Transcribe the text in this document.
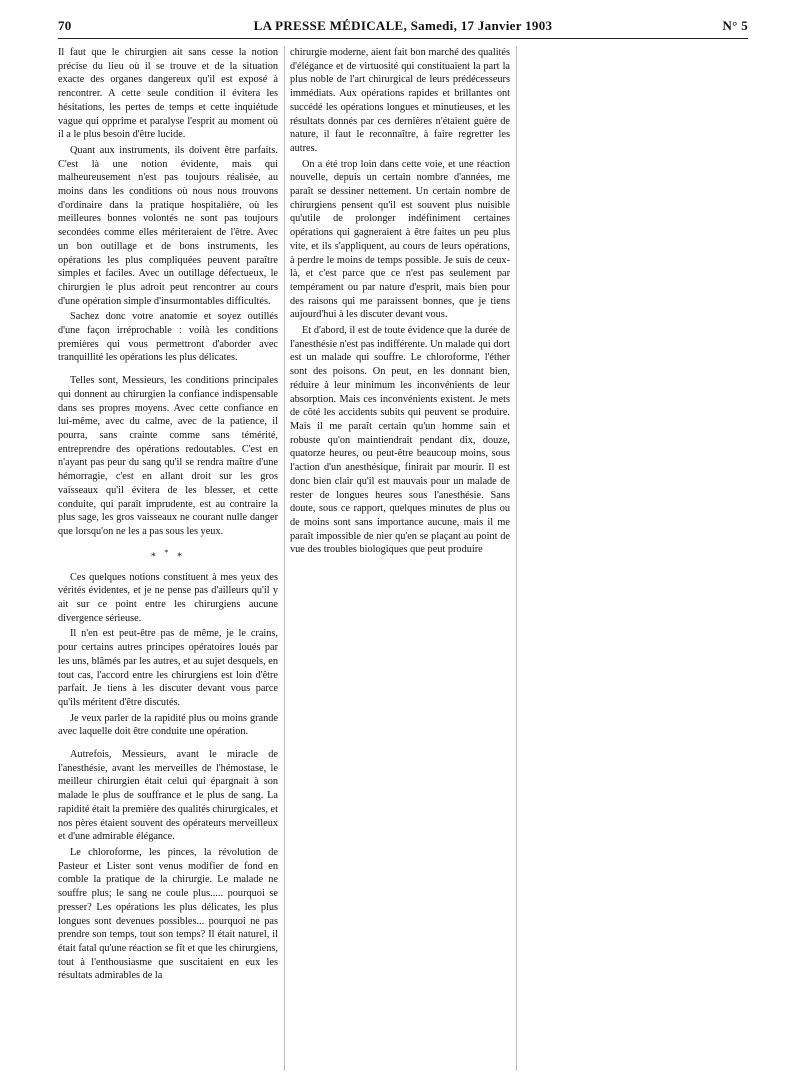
70	LA PRESSE MÉDICALE, Samedi, 17 Janvier 1903	N° 5

Il faut que le chirurgien ait sans cesse la notion précise du lieu où il se trouve et de la situation exacte des organes dangereux qu'il est exposé à rencontrer. A cette seule condition il évitera les hésitations, les pertes de temps et cette inquiétude vague qui opprime et paralyse l'esprit au moment où il a le plus besoin d'être lucide.

Quant aux instruments, ils doivent être parfaits. C'est là une notion évidente, mais qui malheureusement n'est pas toujours réalisée, au moins dans les conditions où nous nous trouvons d'ordinaire dans la pratique hospitalière, où les meilleures bonnes volontés ne sont pas toujours secondées comme elles mériteraient de l'être. Avec un bon outillage et de bons instruments, les opérations les plus compliquées peuvent paraître simples et faciles. Avec un outillage défectueux, le chirurgien le plus adroit peut rencontrer au cours d'une opération simple d'insurmontables difficultés.

Sachez donc votre anatomie et soyez outillés d'une façon irréprochable : voilà les conditions premières qui vous permettront d'aborder avec tranquillité les opérations les plus délicates.

Telles sont, Messieurs, les conditions principales qui donnent au chirurgien la confiance indispensable dans ses propres moyens. Avec cette confiance en lui-même, avec du calme, avec de la patience, il pourra, sans crainte comme sans témérité, entreprendre des opérations redoutables. C'est en n'ayant pas peur du sang qu'il se rendra maître d'une hémorragie, c'est en allant droit sur les gros vaisseaux qu'il évitera de les blesser, et cette conduite, qui paraît imprudente, est au contraire la plus sage, les gros vaisseaux ne courant nulle danger que lorsqu'on ne les a pas sous les yeux.

* * *

Ces quelques notions constituent à mes yeux des vérités évidentes, et je ne pense pas d'ailleurs qu'il y ait sur ce point entre les chirurgiens aucune divergence sérieuse.

Il n'en est peut-être pas de même, je le crains, pour certains autres principes opératoires loués par les uns, blâmés par les autres, et au sujet desquels, en tout cas, l'accord entre les chirurgiens est loin d'être parfait. Je tiens à les discuter devant vous parce qu'ils méritent d'être discutés.

Je veux parler de la rapidité plus ou moins grande avec laquelle doit être conduite une opération.

Autrefois, Messieurs, avant le miracle de l'anesthésie, avant les merveilles de l'hémostase, le meilleur chirurgien était celui qui épargnait à son malade le plus de souffrance et le plus de sang. La rapidité était la première des qualités chirurgicales, et nos pères étaient souvent des opérateurs merveilleux et d'une admirable élégance.

Le chloroforme, les pinces, la révolution de Pasteur et Lister sont venus modifier de fond en comble la pratique de la chirurgie. Le malade ne souffre plus; le sang ne coule plus..... pourquoi se presser? Les opérations les plus délicates, les plus longues sont devenues possibles... pourquoi ne pas prendre son temps, tout son temps? Il était naturel, il était fatal qu'une réaction se fît et que les chirurgiens, tout à l'enthousiasme que suscitaient en eux les résultats admirables de la

chirurgie moderne, aient fait bon marché des qualités d'élégance et de virtuosité qui constituaient la part la plus noble de l'art chirurgical de leurs prédécesseurs immédiats. Aux opérations rapides et brillantes ont succédé les opérations longues et minutieuses, et les résultats donnés par ces dernières n'étaient guère de nature, il faut le reconnaître, à faire regretter les autres.

On a été trop loin dans cette voie, et une réaction nouvelle, depuis un certain nombre d'années, me paraît se dessiner nettement. Un certain nombre de chirurgiens pensent qu'il est souvent plus nuisible qu'utile de prolonger indéfiniment certaines opérations qui gagneraient à être faites un peu plus vite, et ils s'appliquent, au cours de leurs opérations, à perdre le moins de temps possible. Je suis de ceux-là, et c'est parce que ce n'est pas seulement par tempérament ou par nature d'esprit, mais bien pour des raisons qui me paraissent bonnes, que je tiens aujourd'hui à les discuter devant vous.

Et d'abord, il est de toute évidence que la durée de l'anesthésie n'est pas indifférente. Un malade qui dort est un malade qui souffre. Le chloroforme, l'éther sont des poisons. On peut, en les donnant bien, réduire à leur minimum les inconvénients de leur absorption. Mais ces inconvénients existent. Je mets de côté les accidents subits qui peuvent se produire. Mais il me paraît certain qu'un homme sain et robuste qu'on maintiendrait pendant dix, douze, quatorze heures, ou peut-être beaucoup moins, sous l'action d'un anesthésique, finirait par mourir. Il est donc bien clair qu'il est mauvais pour un malade de rester de longues heures sous l'anesthésie. Sans doute, sous ce rapport, quelques minutes de plus ou de moins sont sans importance aucune, mais il me paraît impossible de nier qu'en se plaçant au point de vue des troubles biologiques que peut produire
